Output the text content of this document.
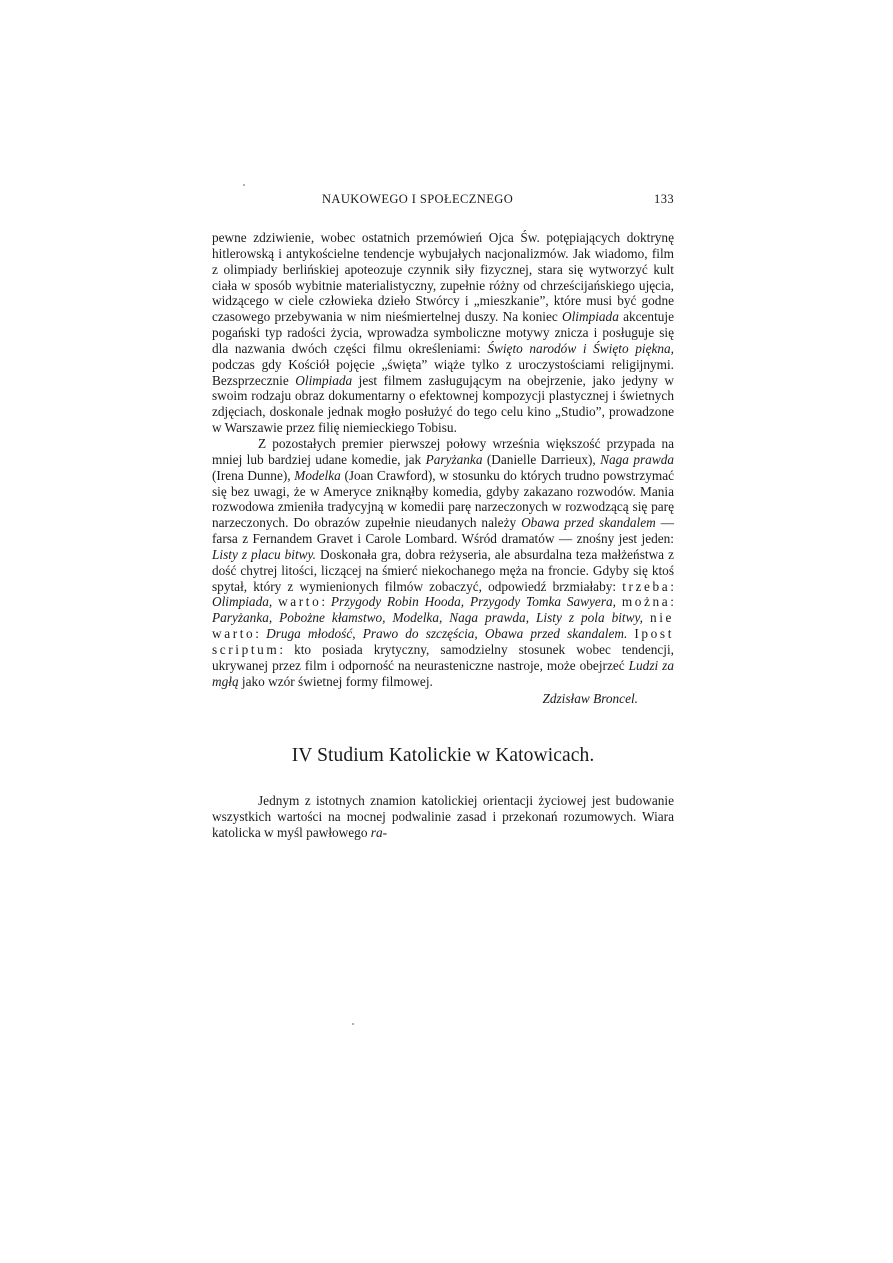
NAUKOWEGO I SPOŁECZNEGO	133

pewne zdziwienie, wobec ostatnich przemówień Ojca Św. potępiających doktrynę hitlerowską i antykościelne tendencje wybujałych nacjonalizmów. Jak wiadomo, film z olimpiady berlińskiej apoteozuje czynnik siły fizycznej, stara się wytworzyć kult ciała w sposób wybitnie materialistyczny, zupełnie różny od chrześcijańskiego ujęcia, widzącego w ciele człowieka dzieło Stwórcy i „mieszkanie”, które musi być godne czasowego przebywania w nim nieśmiertelnej duszy. Na koniec Olimpiada akcentuje pogański typ radości życia, wprowadza symboliczne motywy znicza i posługuje się dla nazwania dwóch części filmu określeniami: Święto narodów i Święto piękna, podczas gdy Kościół pojęcie „święta” wiąże tylko z uroczystościami religijnymi. Bezsprzecznie Olimpiada jest filmem zasługującym na obejrzenie, jako jedyny w swoim rodzaju obraz dokumentarny o efektownej kompozycji plastycznej i świetnych zdjęciach, doskonale jednak mogło posłużyć do tego celu kino „Studio”, prowadzone w Warszawie przez filię niemieckiego Tobisu.

Z pozostałych premier pierwszej połowy września większość przypada na mniej lub bardziej udane komedie, jak Paryżanka (Danielle Darrieux), Naga prawda (Irena Dunne), Modelka (Joan Crawford), w stosunku do których trudno powstrzymać się bez uwagi, że w Ameryce zniknąłby komedia, gdyby zakazano rozwodów. Mania rozwodowa zmieniła tradycyjną w komedii parę narzeczonych w rozwodzącą się parę narzeczonych. Do obrazów zupełnie nieudanych należy Obawa przed skandalem — farsa z Fernandem Gravet i Carole Lombard. Wśród dramatów — znośny jest jeden: Listy z placu bitwy. Doskonała gra, dobra reżyseria, ale absurdalna teza małżeństwa z dość chytrej litości, liczącej na śmierć niekochanego męża na froncie. Gdyby się ktoś spytał, który z wymienionych filmów zobaczyć, odpowiedź brzmiałaby: trzeba: Olimpiada, warto: Przygody Robin Hooda, Przygody Tomka Sawyera, można: Paryżanka, Pobożne kłamstwo, Modelka, Naga prawda, Listy z pola bitwy, nie warto: Druga młodość, Prawo do szczęścia, Obawa przed skandalem. Ipost scriptum: kto posiada krytyczny, samodzielny stosunek wobec tendencji, ukrywanej przez film i odporność na neurasteniczne nastroje, może obejrzeć Ludzi za mgłą jako wzór świetnej formy filmowej.

Zdzisław Broncel.

IV Studium Katolickie w Katowicach.

Jednym z istotnych znamion katolickiej orientacji życiowej jest budowanie wszystkich wartości na mocnej podwalinie zasad i przekonań rozumowych. Wiara katolicka w myśl pawłowego ra-
